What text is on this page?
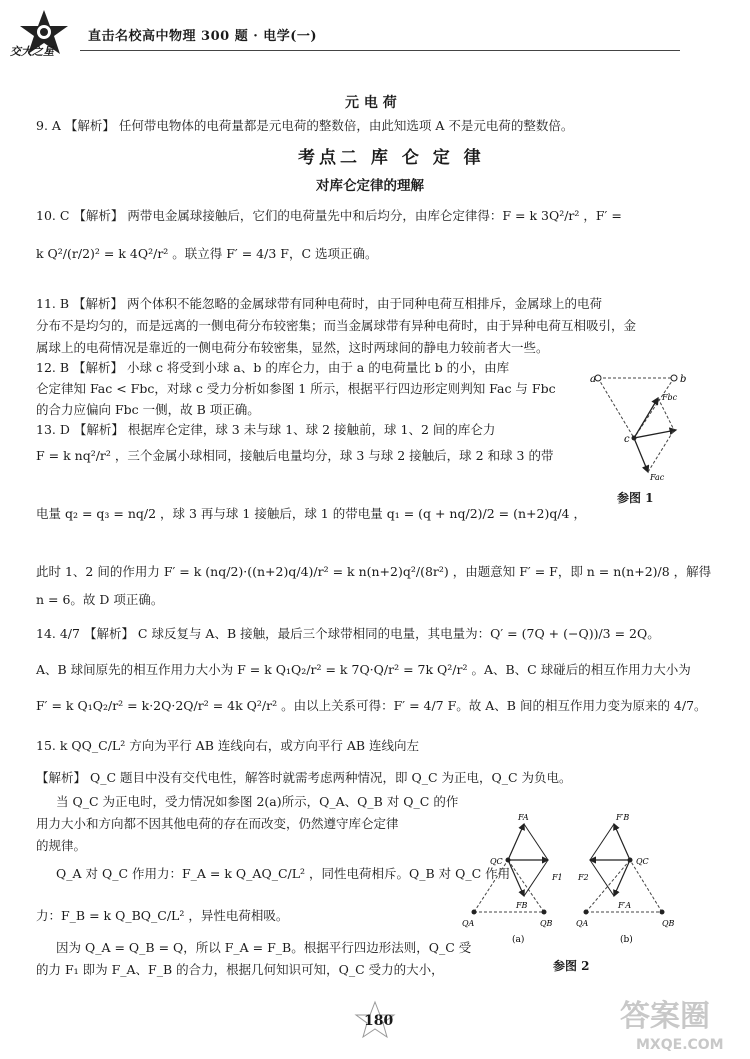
交大之星
直击名校高中物理 300 题 · 电学(一)
元 电 荷
9. A 【解析】 任何带电物体的电荷量都是元电荷的整数倍，由此知选项 A 不是元电荷的整数倍。
考点二 库 仑 定 律
对库仑定律的理解
10. C 【解析】 两带电金属球接触后，它们的电荷量先中和后均分，由库仑定律得：F = k 3Q²/r² ，F′ =
k Q²/(r/2)² = k 4Q²/r² 。联立得 F′ = 4/3 F，C 选项正确。
11. B 【解析】 两个体积不能忽略的金属球带有同种电荷时，由于同种电荷互相排斥，金属球上的电荷
分布不是均匀的，而是远离的一侧电荷分布较密集；而当金属球带有异种电荷时，由于异种电荷互相吸引，金
属球上的电荷情况是靠近的一侧电荷分布较密集，显然，这时两球间的静电力较前者大一些。
12. B 【解析】 小球 c 将受到小球 a、b 的库仑力，由于 a 的电荷量比 b 的小，由库
仑定律知 Fac < Fbc，对球 c 受力分析如参图 1 所示，根据平行四边形定则判知 Fac 与 Fbc
的合力应偏向 Fbc 一侧，故 B 项正确。
13. D 【解析】 根据库仑定律，球 3 未与球 1、球 2 接触前，球 1、2 间的库仑力
F = k nq²/r² ，三个金属小球相同，接触后电量均分，球 3 与球 2 接触后，球 2 和球 3 的带
电量 q₂ = q₃ = nq/2 ，球 3 再与球 1 接触后，球 1 的带电量 q₁ = (q + nq/2)/2 = (n+2)q/4 ，
此时 1、2 间的作用力 F′ = k (nq/2)·((n+2)q/4)/r² = k n(n+2)q²/(8r²) ，由题意知 F′ = F，即 n = n(n+2)/8 ，解得
n = 6。故 D 项正确。
14. 4/7 【解析】 C 球反复与 A、B 接触，最后三个球带相同的电量，其电量为：Q′ = (7Q + (−Q))/3 = 2Q。
A、B 球间原先的相互作用力大小为 F = k Q₁Q₂/r² = k 7Q·Q/r² = 7k Q²/r² 。A、B、C 球碰后的相互作用力大小为
F′ = k Q₁Q₂/r² = k·2Q·2Q/r² = 4k Q²/r² 。由以上关系可得：F′ = 4/7 F。故 A、B 间的相互作用力变为原来的 4/7。
15. k QQ_C/L² 方向为平行 AB 连线向右，或方向平行 AB 连线向左
【解析】 Q_C 题目中没有交代电性，解答时就需考虑两种情况，即 Q_C 为正电，Q_C 为负电。
当 Q_C 为正电时，受力情况如参图 2(a)所示，Q_A、Q_B 对 Q_C 的作
用力大小和方向都不因其他电荷的存在而改变，仍然遵守库仑定律
的规律。
Q_A 对 Q_C 作用力：F_A = k Q_AQ_C/L² ，同性电荷相斥。Q_B 对 Q_C 作用
力：F_B = k Q_BQ_C/L² ，异性电荷相吸。
因为 Q_A = Q_B = Q，所以 F_A = F_B。根据平行四边形法则，Q_C 受
的力 F₁ 即为 F_A、F_B 的合力，根据几何知识可知，Q_C 受力的大小，
a	b
c
Fbc
Fac
参图 1
FA
QC
F1
FB
QA	QB
(a)
F′B
F2
QC
F′A
QA	QB
(b)
参图 2
180	答案圈
MXQE.COM
